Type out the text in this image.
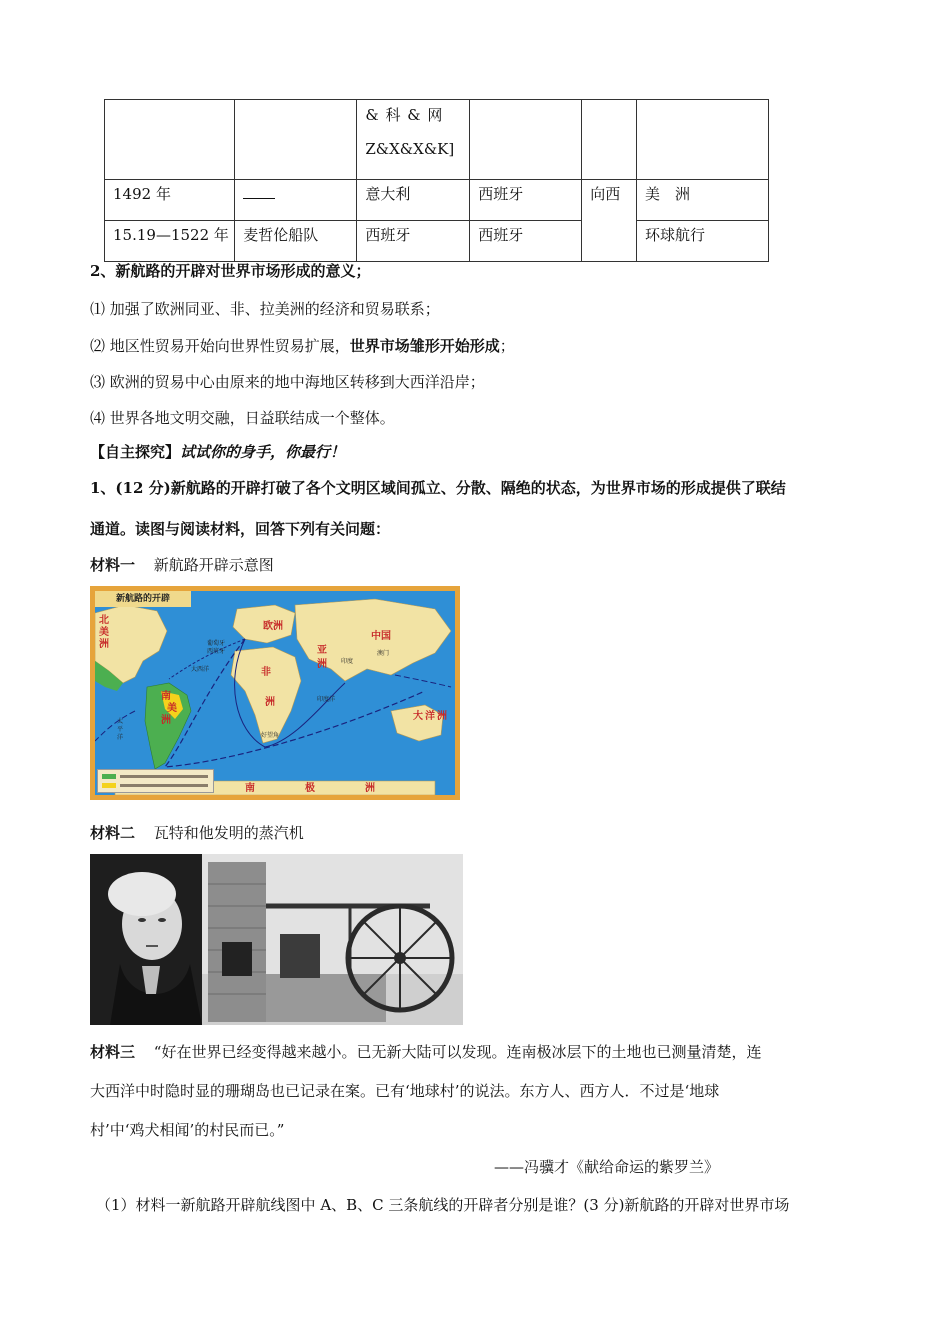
		& 科 & 网
Z&X&X&K]			

1492 年		意大利	西班牙	向西	美　洲
15.19—1522 年	麦哲伦船队	西班牙	西班牙		环球航行
2、新航路的开辟对世界市场形成的意义；
⑴ 加强了欧洲同亚、非、拉美洲的经济和贸易联系；
⑵ 地区性贸易开始向世界性贸易扩展，世界市场雏形开始形成；
⑶ 欧洲的贸易中心由原来的地中海地区转移到大西洋沿岸；
⑷ 世界各地文明交融，日益联结成一个整体。
【自主探究】试试你的身手，你最行！
1、(12 分)新航路的开辟打破了各个文明区域间孤立、分散、隔绝的状态，为世界市场的形成提供了联结
通道。读图与阅读材料，回答下列有关问题：
材料一 新航路开辟示意图
北
美
洲
南
美
洲
欧洲
非
洲
亚
洲
中国
大 洋 洲
南	极	洲
葡萄牙
西班牙
印度
澳门
大西洋
印度洋
好望角
太
平
洋
新航路的开辟
材料二 瓦特和他发明的蒸汽机
材料三 “好在世界已经变得越来越小。已无新大陆可以发现。连南极冰层下的土地也已测量清楚，连
大西洋中时隐时显的珊瑚岛也已记录在案。已有‘地球村’的说法。东方人、西方人．不过是‘地球
村’中‘鸡犬相闻’的村民而已。”
——冯骥才《献给命运的紫罗兰》
（1）材料一新航路开辟航线图中 A、B、C 三条航线的开辟者分别是谁？(3 分)新航路的开辟对世界市场
